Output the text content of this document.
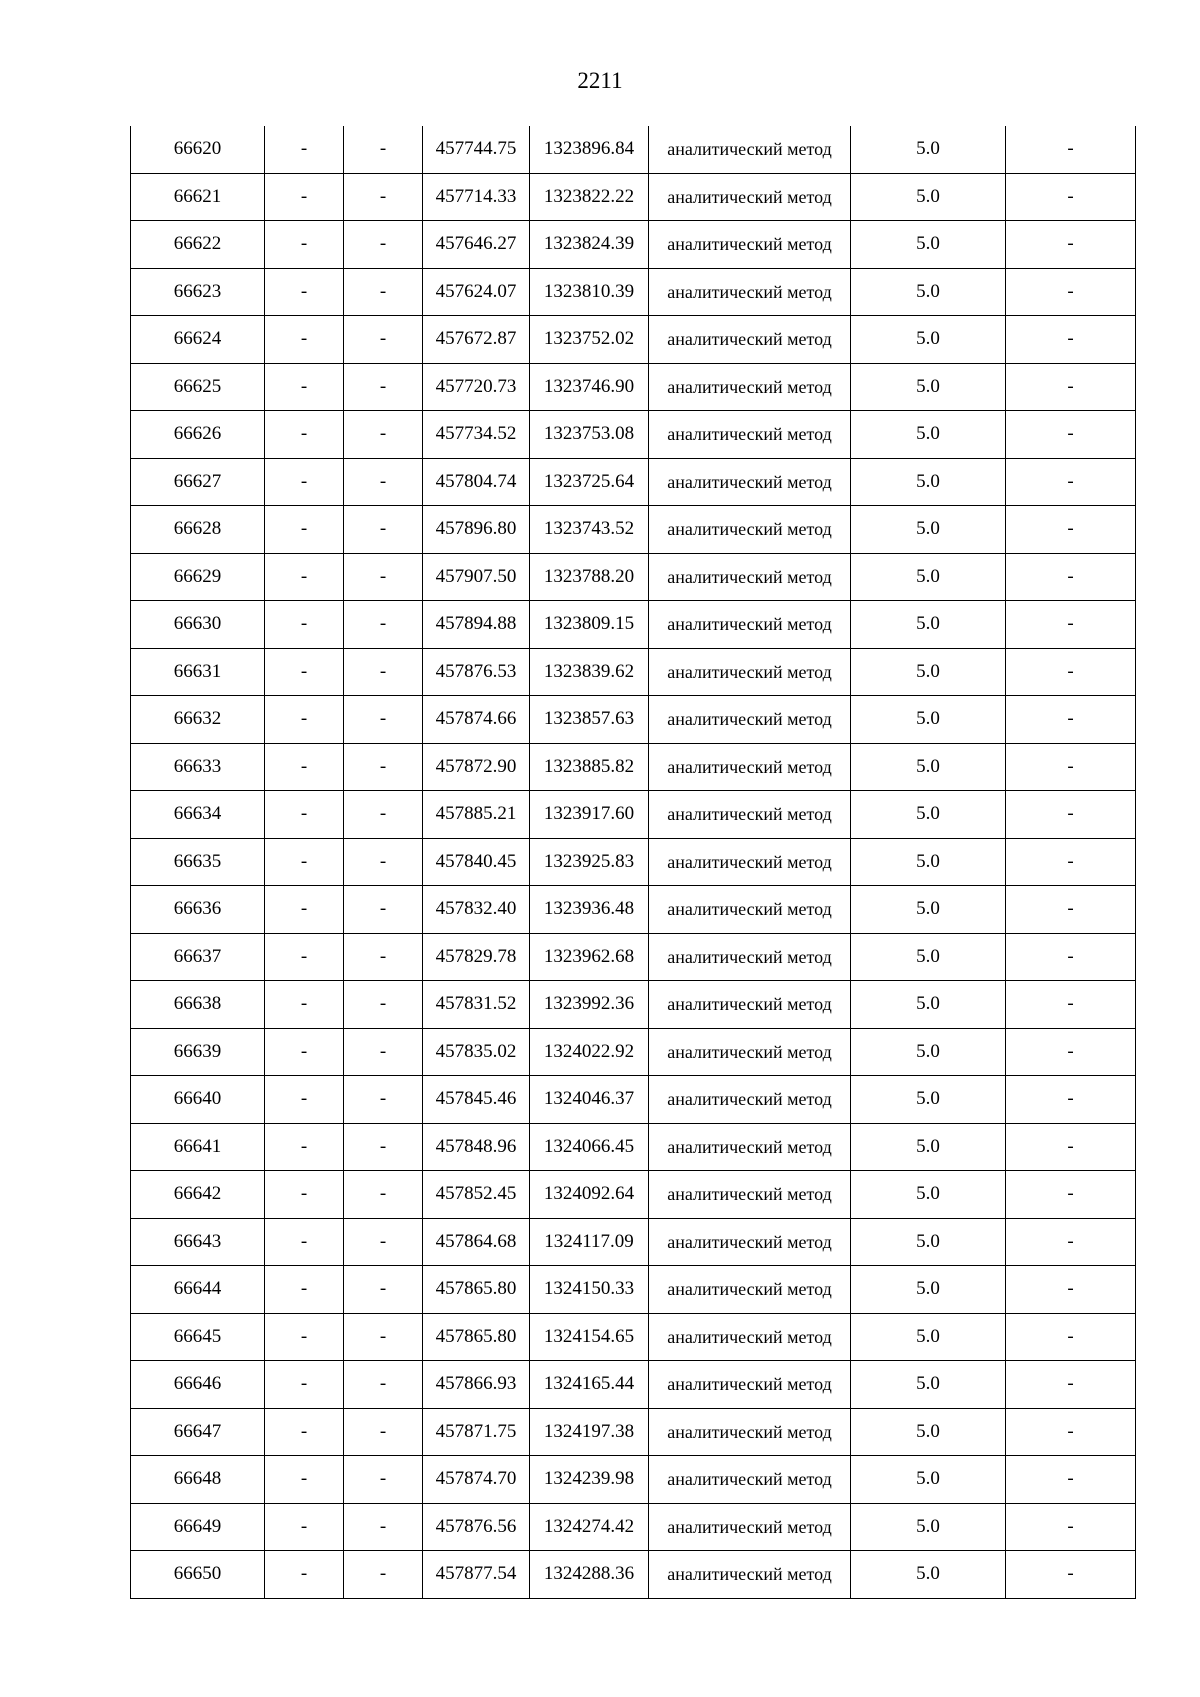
2211
66620	-	-	457744.75	1323896.84	аналитический метод	5.0	-
66621	-	-	457714.33	1323822.22	аналитический метод	5.0	-
66622	-	-	457646.27	1323824.39	аналитический метод	5.0	-
66623	-	-	457624.07	1323810.39	аналитический метод	5.0	-
66624	-	-	457672.87	1323752.02	аналитический метод	5.0	-
66625	-	-	457720.73	1323746.90	аналитический метод	5.0	-
66626	-	-	457734.52	1323753.08	аналитический метод	5.0	-
66627	-	-	457804.74	1323725.64	аналитический метод	5.0	-
66628	-	-	457896.80	1323743.52	аналитический метод	5.0	-
66629	-	-	457907.50	1323788.20	аналитический метод	5.0	-
66630	-	-	457894.88	1323809.15	аналитический метод	5.0	-
66631	-	-	457876.53	1323839.62	аналитический метод	5.0	-
66632	-	-	457874.66	1323857.63	аналитический метод	5.0	-
66633	-	-	457872.90	1323885.82	аналитический метод	5.0	-
66634	-	-	457885.21	1323917.60	аналитический метод	5.0	-
66635	-	-	457840.45	1323925.83	аналитический метод	5.0	-
66636	-	-	457832.40	1323936.48	аналитический метод	5.0	-
66637	-	-	457829.78	1323962.68	аналитический метод	5.0	-
66638	-	-	457831.52	1323992.36	аналитический метод	5.0	-
66639	-	-	457835.02	1324022.92	аналитический метод	5.0	-
66640	-	-	457845.46	1324046.37	аналитический метод	5.0	-
66641	-	-	457848.96	1324066.45	аналитический метод	5.0	-
66642	-	-	457852.45	1324092.64	аналитический метод	5.0	-
66643	-	-	457864.68	1324117.09	аналитический метод	5.0	-
66644	-	-	457865.80	1324150.33	аналитический метод	5.0	-
66645	-	-	457865.80	1324154.65	аналитический метод	5.0	-
66646	-	-	457866.93	1324165.44	аналитический метод	5.0	-
66647	-	-	457871.75	1324197.38	аналитический метод	5.0	-
66648	-	-	457874.70	1324239.98	аналитический метод	5.0	-
66649	-	-	457876.56	1324274.42	аналитический метод	5.0	-
66650	-	-	457877.54	1324288.36	аналитический метод	5.0	-
